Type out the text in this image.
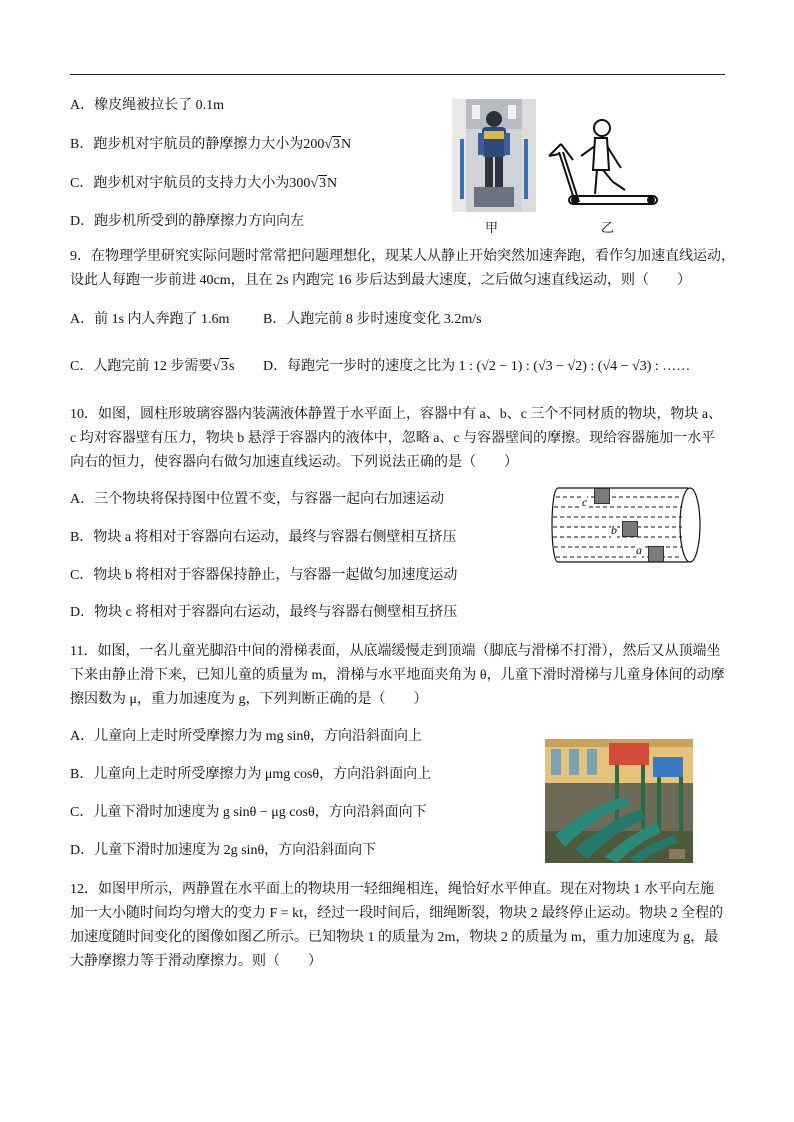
A．橡皮绳被拉长了 0.1m
B．跑步机对宇航员的静摩擦力大小为200√3N
C．跑步机对宇航员的支持力大小为300√3N
D．跑步机所受到的静摩擦力方向向左	甲	乙
9．在物理学里研究实际问题时常常把问题理想化，现某人从静止开始突然加速奔跑，看作匀加速直线运动，
设此人每跑一步前进 40cm，且在 2s 内跑完 16 步后达到最大速度，之后做匀速直线运动，则（　　）
A．前 1s 内人奔跑了 1.6m B．人跑完前 8 步时速度变化 3.2m/s
C．人跑完前 12 步需要√3s D．每跑完一步时的速度之比为 1 : (√2 − 1) : (√3 − √2) : (√4 − √3) : ……
10．如图，圆柱形玻璃容器内装满液体静置于水平面上，容器中有 a、b、c 三个不同材质的物块，物块 a、
c 均对容器壁有压力，物块 b 悬浮于容器内的液体中，忽略 a、c 与容器壁间的摩擦。现给容器施加一水平
向右的恒力，使容器向右做匀加速直线运动。下列说法正确的是（　　）
A．三个物块将保持图中位置不变，与容器一起向右加速运动
B．物块 a 将相对于容器向右运动，最终与容器右侧壁相互挤压
C．物块 b 将相对于容器保持静止，与容器一起做匀加速度运动
D．物块 c 将相对于容器向右运动，最终与容器右侧壁相互挤压
c
b
a
11．如图，一名儿童光脚沿中间的滑梯表面，从底端缓慢走到顶端（脚底与滑梯不打滑），然后又从顶端坐
下来由静止滑下来，已知儿童的质量为 m，滑梯与水平地面夹角为 θ，儿童下滑时滑梯与儿童身体间的动摩
擦因数为 μ，重力加速度为 g，下列判断正确的是（　　）
A．儿童向上走时所受摩擦力为 mg sinθ，方向沿斜面向上
B．儿童向上走时所受摩擦力为 μmg cosθ，方向沿斜面向上
C．儿童下滑时加速度为 g sinθ − μg cosθ，方向沿斜面向下
D．儿童下滑时加速度为 2g sinθ，方向沿斜面向下
12．如图甲所示，两静置在水平面上的物块用一轻细绳相连，绳恰好水平伸直。现在对物块 1 水平向左施
加一大小随时间均匀增大的变力 F = kt，经过一段时间后，细绳断裂，物块 2 最终停止运动。物块 2 全程的
加速度随时间变化的图像如图乙所示。已知物块 1 的质量为 2m，物块 2 的质量为 m，重力加速度为 g，最
大静摩擦力等于滑动摩擦力。则（　　）
